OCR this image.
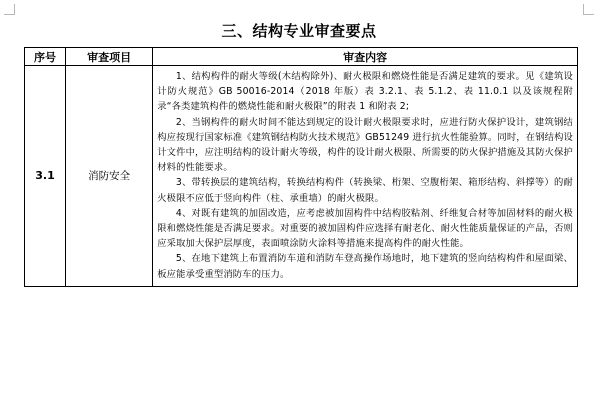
三、结构专业审查要点
序号	审查项目	审查内容
3.1	消防安全	1、结构构件的耐火等级(木结构除外)、耐火极限和燃烧性能是否满足建筑的要求。见《建筑设计防火规范》GB 50016-2014（2018 年版）表 3.2.1、表 5.1.2、表 11.0.1 以及该规程附录“各类建筑构件的燃烧性能和耐火极限”的附表 1 和附表 2;

2、当钢构件的耐火时间不能达到规定的设计耐火极限要求时，应进行防火保护设计，建筑钢结构应按现行国家标准《建筑钢结构防火技术规范》GB51249 进行抗火性能验算。同时，在钢结构设计文件中，应注明结构的设计耐火等级，构件的设计耐火极限、所需要的防火保护措施及其防火保护材料的性能要求。

3、带转换层的建筑结构，转换结构构件（转换梁、桁架、空腹桁架、箱形结构、斜撑等）的耐火极限不应低于竖向构件（柱、承重墙）的耐火极限。

4、对既有建筑的加固改造，应考虑被加固构件中结构胶粘剂、纤维复合材等加固材料的耐火极限和燃烧性能是否满足要求。对重要的被加固构件应选择有耐老化、耐火性能质量保证的产品，否则应采取加大保护层厚度，表面喷涂防火涂料等措施来提高构件的耐火性能。

5、在地下建筑上布置消防车道和消防车登高操作场地时，地下建筑的竖向结构构件和屋面梁、板应能承受重型消防车的压力。
